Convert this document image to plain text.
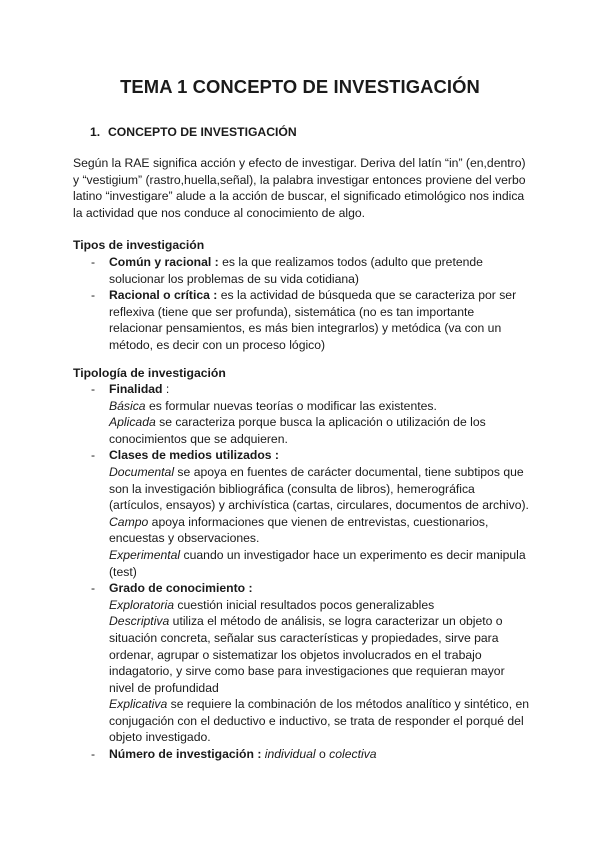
TEMA 1 CONCEPTO DE INVESTIGACIÓN
1. CONCEPTO DE INVESTIGACIÓN

Según la RAE significa acción y efecto de investigar. Deriva del latín “in” (en,dentro)

y “vestigium” (rastro,huella,señal), la palabra investigar entonces proviene del verbo

latino “investigare” alude a la acción de buscar, el significado etimológico nos indica

la actividad que nos conduce al conocimiento de algo.

Tipos de investigación
- Común y racional : es la que realizamos todos (adulto que pretende

solucionar los problemas de su vida cotidiana)

- Racional o crítica : es la actividad de búsqueda que se caracteriza por ser

reflexiva (tiene que ser profunda), sistemática (no es tan importante

relacionar pensamientos, es más bien integrarlos) y metódica (va con un

método, es decir con un proceso lógico)

Tipología de investigación
- Finalidad :

Básica es formular nuevas teorías o modificar las existentes.

Aplicada se caracteriza porque busca la aplicación o utilización de los

conocimientos que se adquieren.

- Clases de medios utilizados :

Documental se apoya en fuentes de carácter documental, tiene subtipos que

son la investigación bibliográfica (consulta de libros), hemerográfica

(artículos, ensayos) y archivística (cartas, circulares, documentos de archivo).

Campo apoya informaciones que vienen de entrevistas, cuestionarios,

encuestas y observaciones.

Experimental cuando un investigador hace un experimento es decir manipula

(test)

- Grado de conocimiento :

Exploratoria cuestión inicial resultados pocos generalizables

Descriptiva utiliza el método de análisis, se logra caracterizar un objeto o

situación concreta, señalar sus características y propiedades, sirve para

ordenar, agrupar o sistematizar los objetos involucrados en el trabajo

indagatorio, y sirve como base para investigaciones que requieran mayor

nivel de profundidad

Explicativa se requiere la combinación de los métodos analítico y sintético, en

conjugación con el deductivo e inductivo, se trata de responder el porqué del

objeto investigado.

- Número de investigación : individual o colectiva
